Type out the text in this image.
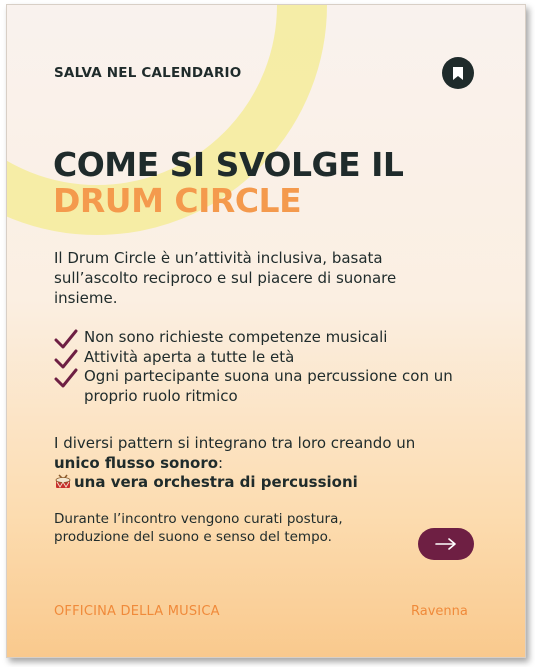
SALVA NEL CALENDARIO
COME SI SVOLGE IL
DRUM CIRCLE
Il Drum Circle è un’attività inclusiva, basata sull’ascolto reciproco e sul piacere di suonare insieme.
Non sono richieste competenze musicali
Attività aperta a tutte le età
Ogni partecipante suona una percussione con un proprio ruolo ritmico
I diversi pattern si integrano tra loro creando un unico flusso sonoro:
una vera orchestra di percussioni
Durante l’incontro vengono curati postura, produzione del suono e senso del tempo.
OFFICINA DELLA MUSICA	Ravenna
